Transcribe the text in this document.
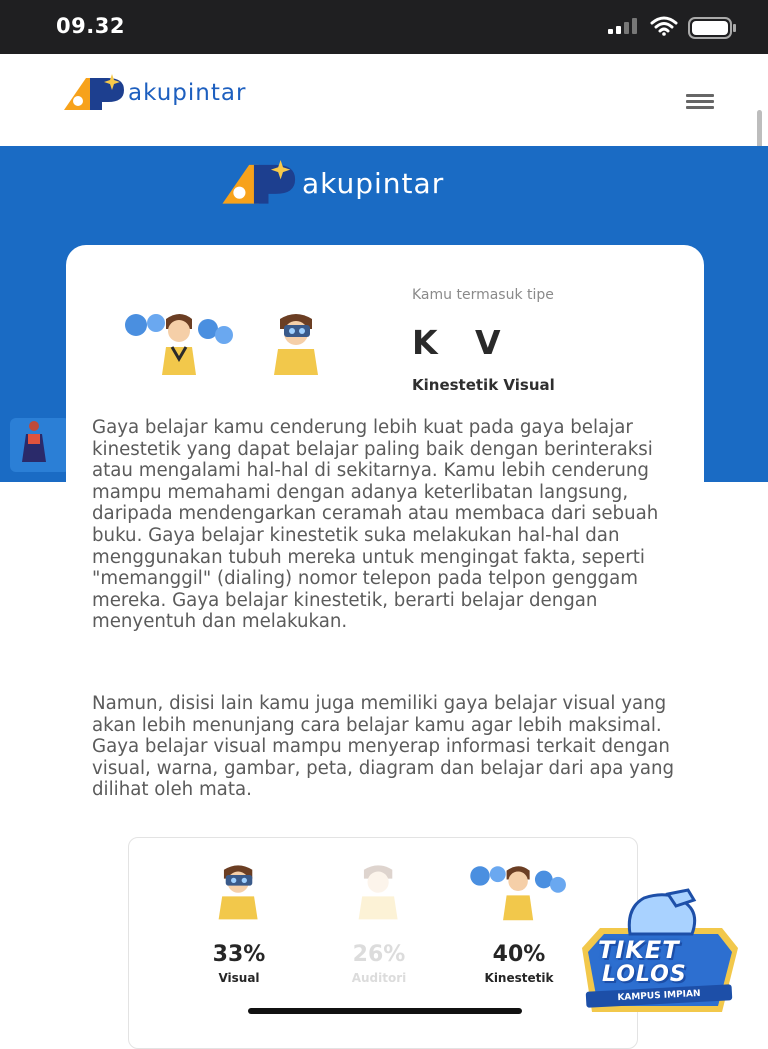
09.32
akupintar
akupintar
Kamu termasuk tipe
K V
Kinestetik Visual

Gaya belajar kamu cenderung lebih kuat pada gaya belajar kinestetik yang dapat belajar paling baik dengan berinteraksi atau mengalami hal-hal di sekitarnya. Kamu lebih cenderung mampu memahami dengan adanya keterlibatan langsung, daripada mendengarkan ceramah atau membaca dari sebuah buku. Gaya belajar kinestetik suka melakukan hal-hal dan menggunakan tubuh mereka untuk mengingat fakta, seperti "memanggil" (dialing) nomor telepon pada telpon genggam mereka. Gaya belajar kinestetik, berarti belajar dengan menyentuh dan melakukan.

Namun, disisi lain kamu juga memiliki gaya belajar visual yang akan lebih menunjang cara belajar kamu agar lebih maksimal. Gaya belajar visual mampu menyerap informasi terkait dengan visual, warna, gambar, peta, diagram dan belajar dari apa yang dilihat oleh mata.

33%
Visual
26%
Auditori
40%
Kinestetik
TIKET
LOLOS
KAMPUS IMPIAN
